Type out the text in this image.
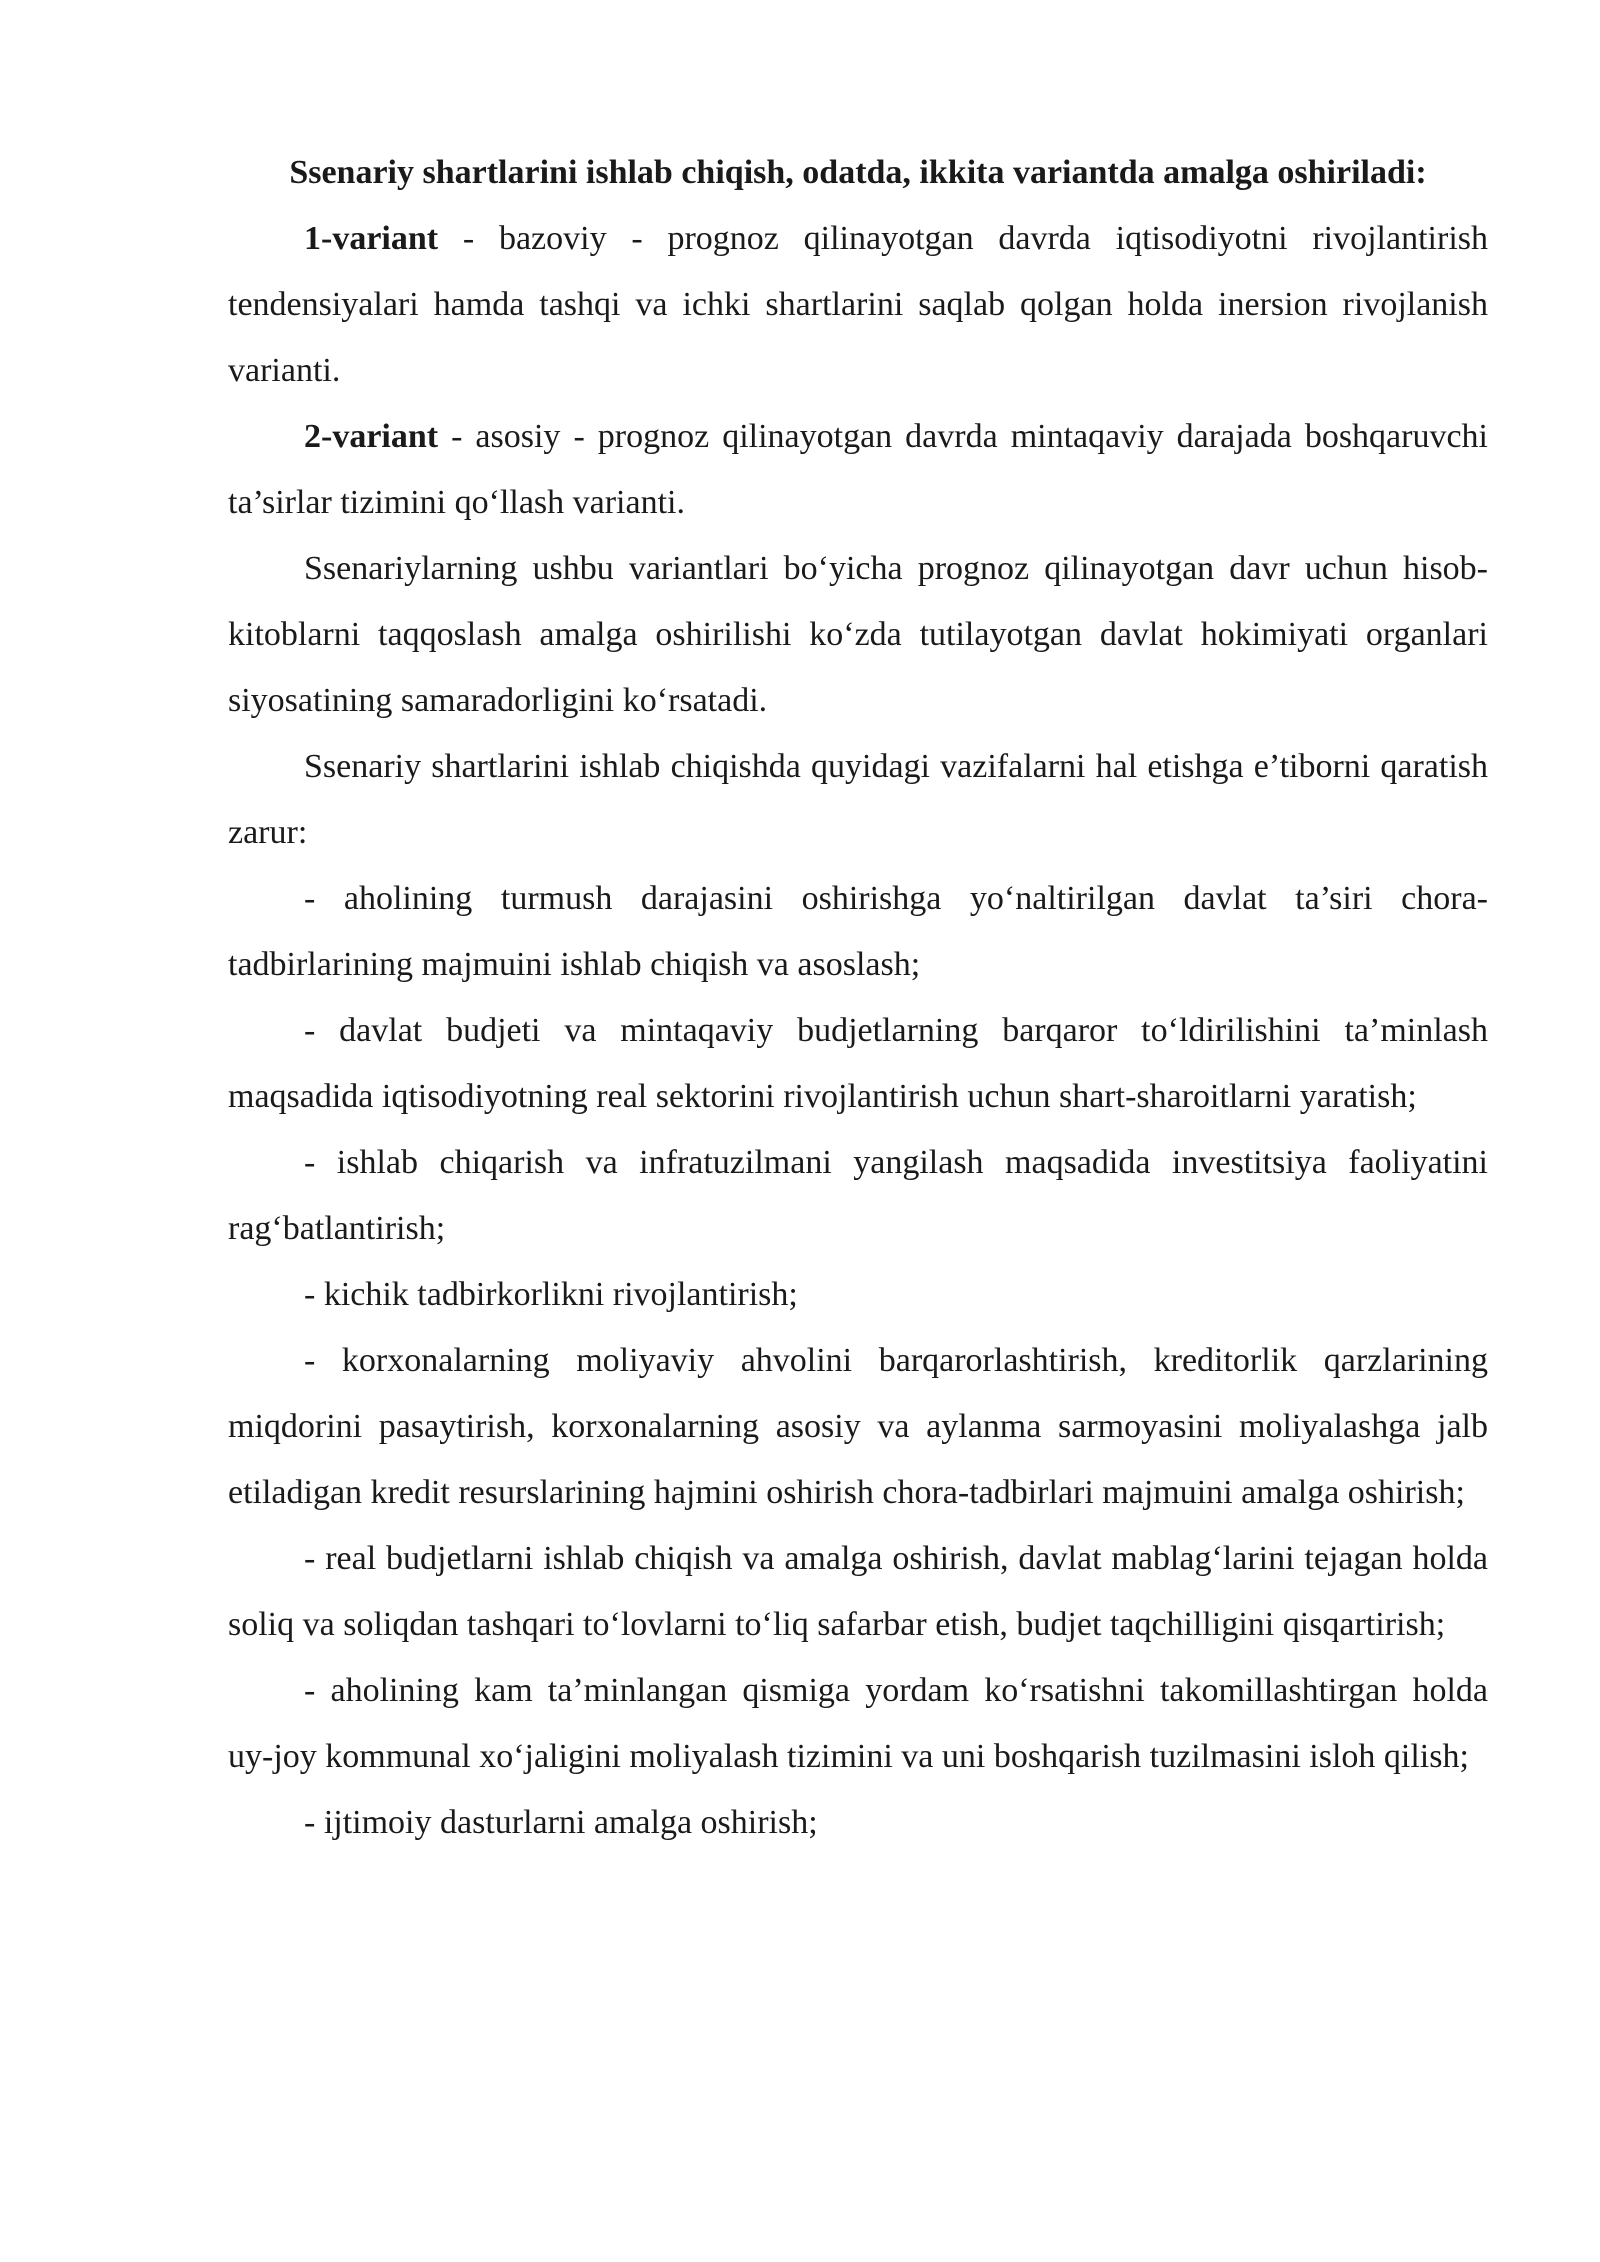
Ssenariy shartlarini ishlab chiqish, odatda, ikkita variantda amalga oshiriladi:

1-variant - bazoviy - prognoz qilinayotgan davrda iqtisodiyotni rivojlantirish tendensiyalari hamda tashqi va ichki shartlarini saqlab qolgan holda inersion rivojlanish varianti.

2-variant - asosiy - prognoz qilinayotgan davrda mintaqaviy darajada boshqaruvchi ta’sirlar tizimini qo‘llash varianti.

Ssenariylarning ushbu variantlari bo‘yicha prognoz qilinayotgan davr uchun hisob-kitoblarni taqqoslash amalga oshirilishi ko‘zda tutilayotgan davlat hokimiyati organlari siyosatining samaradorligini ko‘rsatadi.

Ssenariy shartlarini ishlab chiqishda quyidagi vazifalarni hal etishga e’tiborni qaratish zarur:

- aholining turmush darajasini oshirishga yo‘naltirilgan davlat ta’siri chora-tadbirlarining majmuini ishlab chiqish va asoslash;

- davlat budjeti va mintaqaviy budjetlarning barqaror to‘ldirilishini ta’minlash maqsadida iqtisodiyotning real sektorini rivojlantirish uchun shart-sharoitlarni yaratish;

- ishlab chiqarish va infratuzilmani yangilash maqsadida investitsiya faoliyatini rag‘batlantirish;

- kichik tadbirkorlikni rivojlantirish;

- korxonalarning moliyaviy ahvolini barqarorlashtirish, kreditorlik qarzlarining miqdorini pasaytirish, korxonalarning asosiy va aylanma sarmoyasini moliyalashga jalb etiladigan kredit resurslarining hajmini oshirish chora-tadbirlari majmuini amalga oshirish;

- real budjetlarni ishlab chiqish va amalga oshirish, davlat mablag‘larini tejagan holda soliq va soliqdan tashqari to‘lovlarni to‘liq safarbar etish, budjet taqchilligini qisqartirish;

- aholining kam ta’minlangan qismiga yordam ko‘rsatishni takomillashtirgan holda uy-joy kommunal xo‘jaligini moliyalash tizimini va uni boshqarish tuzilmasini isloh qilish;

- ijtimoiy dasturlarni amalga oshirish;
